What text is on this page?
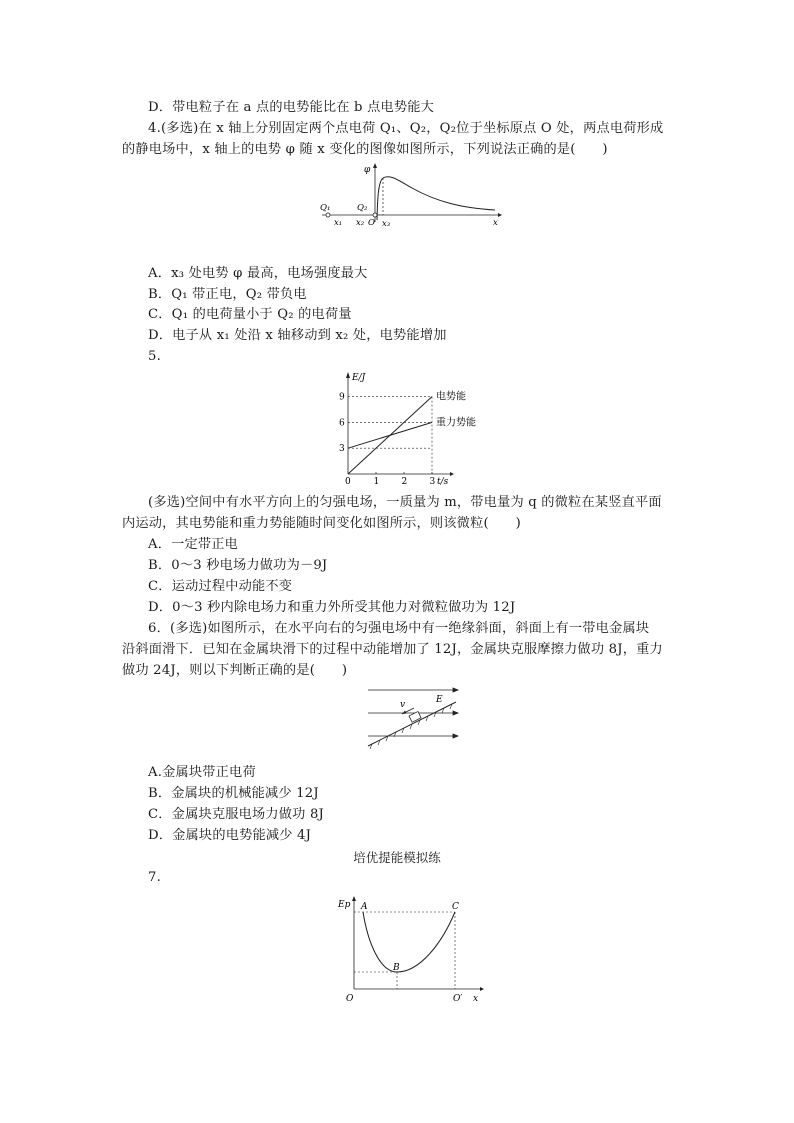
D．带电粒子在 a 点的电势能比在 b 点电势能大
4.(多选)在 x 轴上分别固定两个点电荷 Q₁、Q₂，Q₂位于坐标原点 O 处，两点电荷形成
的静电场中，x 轴上的电势 φ 随 x 变化的图像如图所示，下列说法正确的是(　　)
φ
Q₁	Q₂
x₁ x₂ O x₃	x
A．x₃ 处电势 φ 最高，电场强度最大
B．Q₁ 带正电，Q₂ 带负电
C．Q₁ 的电荷量小于 Q₂ 的电荷量
D．电子从 x₁ 处沿 x 轴移动到 x₂ 处，电势能增加
5.
E/J
t/s
0	1 2 3
3
6
9	电势能
重力势能
(多选)空间中有水平方向上的匀强电场，一质量为 m，带电量为 q 的微粒在某竖直平面
内运动，其电势能和重力势能随时间变化如图所示，则该微粒(　　)
A．一定带正电
B．0～3 秒电场力做功为－9J
C．运动过程中动能不变
D．0～3 秒内除电场力和重力外所受其他力对微粒做功为 12J
6．(多选)如图所示，在水平向右的匀强电场中有一绝缘斜面，斜面上有一带电金属块
沿斜面滑下．已知在金属块滑下的过程中动能增加了 12J，金属块克服摩擦力做功 8J，重力
做功 24J，则以下判断正确的是(　　)
v	E
A.金属块带正电荷
B．金属块的机械能减少 12J
C．金属块克服电场力做功 8J
D．金属块的电势能减少 4J
培优提能模拟练
7.
Ep A
B
C
O	O′ x
